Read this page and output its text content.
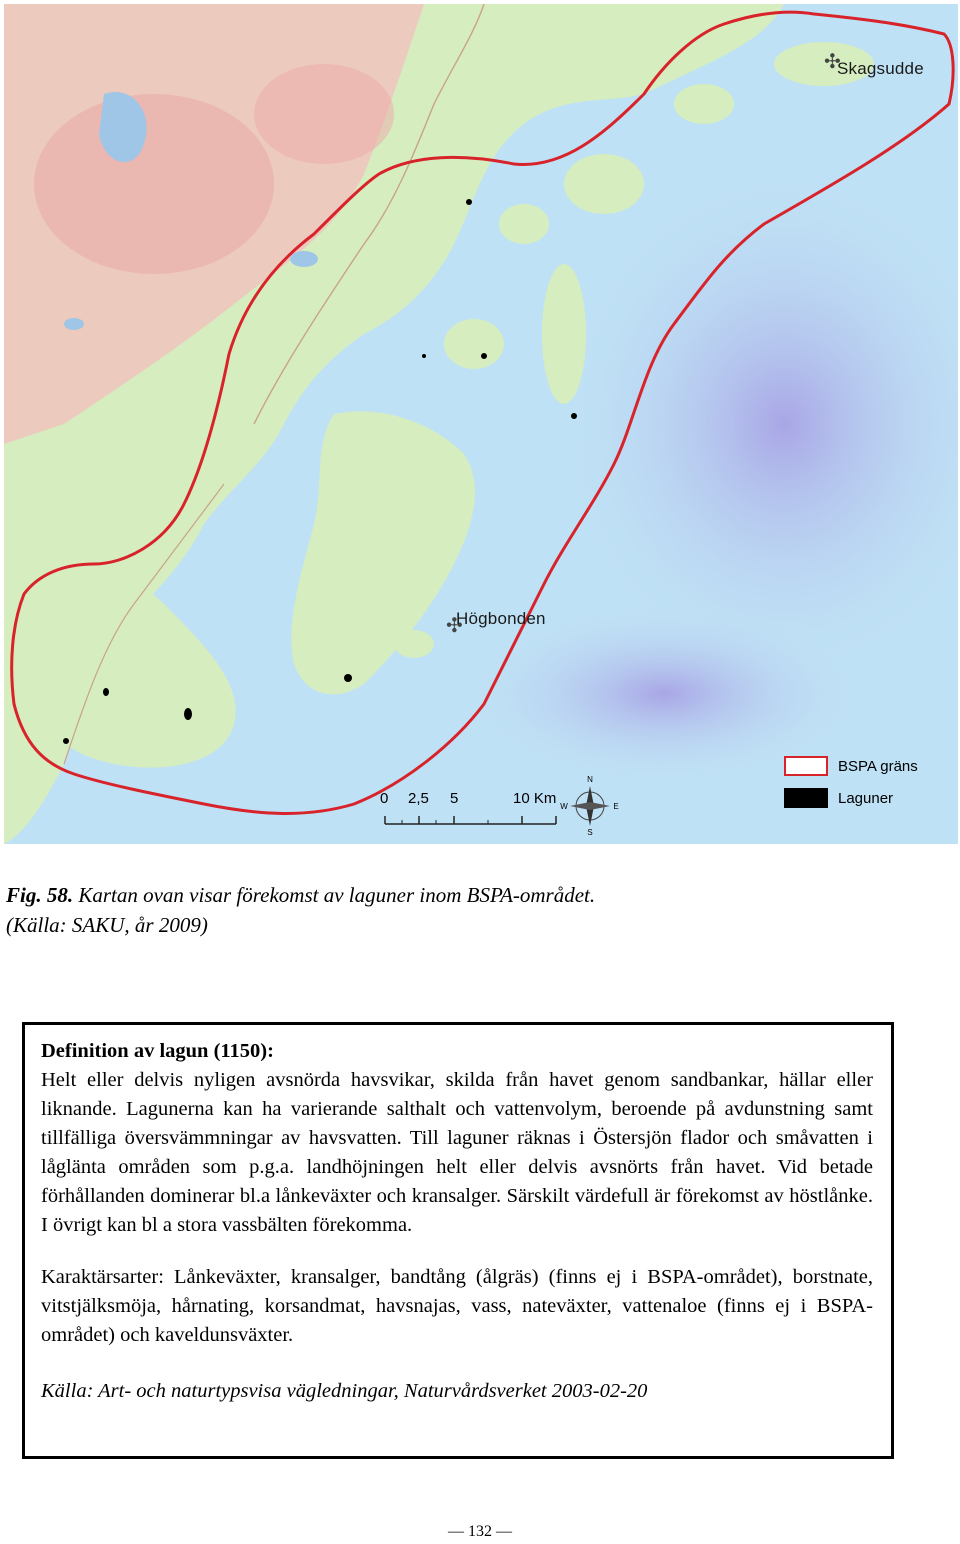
✣
Skagsudde
✣
Högbonden
0 2,5 5	10 Km
N
S
W	E
BSPA gräns
Laguner
Fig. 58. Kartan ovan visar förekomst av laguner inom BSPA-området.
(Källa: SAKU, år 2009)

Definition av lagun (1150):
Helt eller delvis nyligen avsnörda havsvikar, skilda från havet genom sandbankar, hällar eller liknande. Lagunerna kan ha varierande salthalt och vattenvolym, beroende på avdunstning samt tillfälliga översvämmningar av havsvatten. Till laguner räknas i Östersjön flador och småvatten i låglänta områden som p.g.a. landhöjningen helt eller delvis avsnörts från havet. Vid betade förhållanden dominerar bl.a lånkeväxter och kransalger. Särskilt värdefull är förekomst av höstlånke. I övrigt kan bl a stora vassbälten förekomma.

Karaktärsarter: Lånkeväxter, kransalger, bandtång (ålgräs) (finns ej i BSPA-området), borstnate, vitstjälksmöja, hårnating, korsandmat, havsnajas, vass, nateväxter, vattenaloe (finns ej i BSPA-området) och kaveldunsväxter.

Källa: Art- och naturtypsvisa vägledningar, Naturvårdsverket 2003-02-20

— 132 —
